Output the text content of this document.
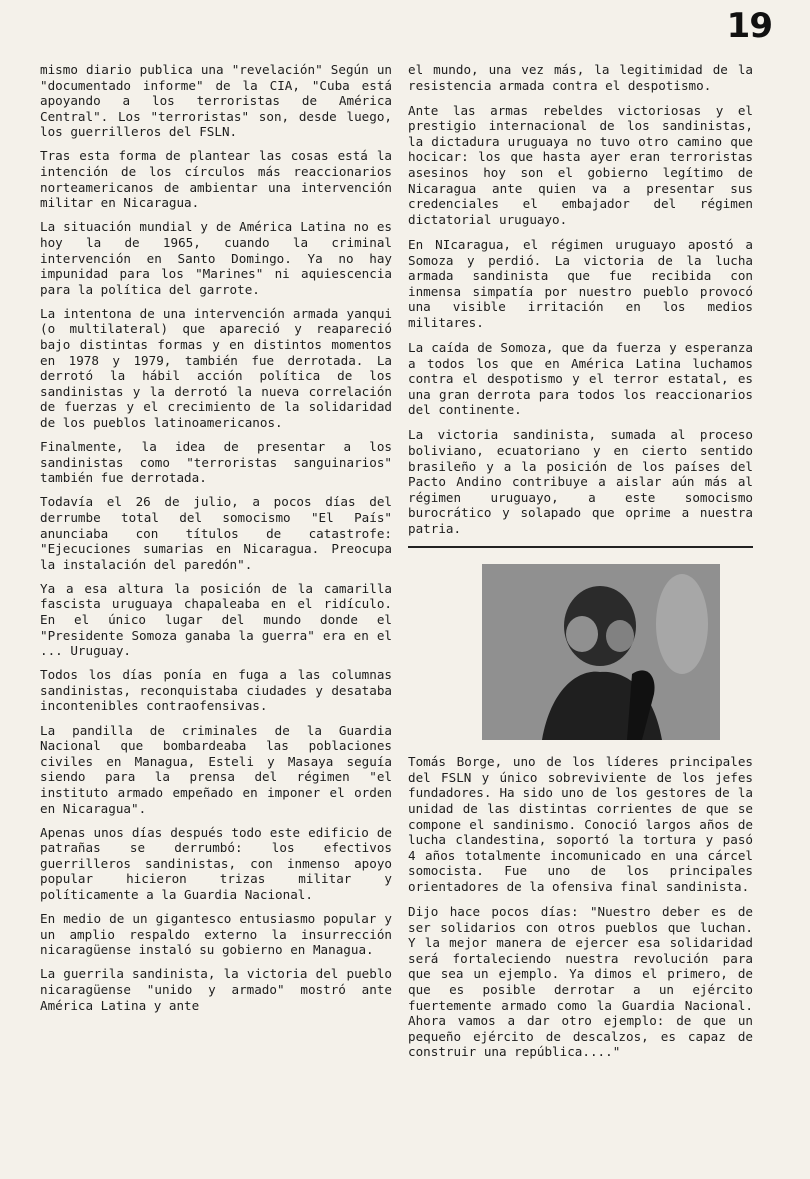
19

mismo diario publica una "revelación" Según un "documentado informe" de la CIA, "Cuba está apoyando a los terroristas de América Central". Los "terroristas" son, desde luego, los guerrilleros del FSLN.

Tras esta forma de plantear las cosas está la intención de los círculos más reaccionarios norteamericanos de ambientar una intervención militar en Nicaragua.

La situación mundial y de América Latina no es hoy la de 1965, cuando la criminal intervención en Santo Domingo. Ya no hay impunidad para los "Marines" ni aquiescencia para la política del garrote.

La intentona de una intervención armada yanqui (o multilateral) que apareció y reapareció bajo distintas formas y en distintos momentos en 1978 y 1979, también fue derrotada. La derrotó la hábil acción política de los sandinistas y la derrotó la nueva correlación de fuerzas y el crecimiento de la solidaridad de los pueblos latinoamericanos.

Finalmente, la idea de presentar a los sandinistas como "terroristas sanguinarios" también fue derrotada.

Todavía el 26 de julio, a pocos días del derrumbe total del somocismo "El País" anunciaba con títulos de catastrofe: "Ejecuciones sumarias en Nicaragua. Preocupa la instalación del paredón".

Ya a esa altura la posición de la camarilla fascista uruguaya chapaleaba en el ridículo. En el único lugar del mundo donde el "Presidente Somoza ganaba la guerra" era en el ... Uruguay.

Todos los días ponía en fuga a las columnas sandinistas, reconquistaba ciudades y desataba incontenibles contraofensivas.

La pandilla de criminales de la Guardia Nacional que bombardeaba las poblaciones civiles en Managua, Esteli y Masaya seguía siendo para la prensa del régimen "el instituto armado empeñado en imponer el orden en Nicaragua".

Apenas unos días después todo este edificio de patrañas se derrumbó: los efectivos guerrilleros sandinistas, con inmenso apoyo popular hicieron trizas militar y políticamente a la Guardia Nacional.

En medio de un gigantesco entusiasmo popular y un amplio respaldo externo la insurrección nicaragüense instaló su gobierno en Managua.

La guerrila sandinista, la victoria del pueblo nicaragüense "unido y armado" mostró ante América Latina y ante

el mundo, una vez más, la legitimidad de la resistencia armada contra el despotismo.

Ante las armas rebeldes victoriosas y el prestigio internacional de los sandinistas, la dictadura uruguaya no tuvo otro camino que hocicar: los que hasta ayer eran terroristas asesinos hoy son el gobierno legítimo de Nicaragua ante quien va a presentar sus credenciales el embajador del régimen dictatorial uruguayo.

En NIcaragua, el régimen uruguayo apostó a Somoza y perdió. La victoria de la lucha armada sandinista que fue recibida con inmensa simpatía por nuestro pueblo provocó una visible irritación en los medios militares.

La caída de Somoza, que da fuerza y esperanza a todos los que en América Latina luchamos contra el despotismo y el terror estatal, es una gran derrota para todos los reaccionarios del continente.

La victoria sandinista, sumada al proceso boliviano, ecuatoriano y en cierto sentido brasileño y a la posición de los países del Pacto Andino contribuye a aislar aún más al régimen uruguayo, a este somocismo burocrático y solapado que oprime a nuestra patria.

Tomás Borge, uno de los líderes principales del FSLN y único sobreviviente de los jefes fundadores. Ha sido uno de los gestores de la unidad de las distintas corrientes de que se compone el sandinismo. Conoció largos años de lucha clandestina, soportó la tortura y pasó 4 años totalmente incomunicado en una cárcel somocista. Fue uno de los principales orientadores de la ofensiva final sandinista.

Dijo hace pocos días: "Nuestro deber es de ser solidarios con otros pueblos que luchan. Y la mejor manera de ejercer esa solidaridad será fortaleciendo nuestra revolución para que sea un ejemplo. Ya dimos el primero, de que es posible derrotar a un ejército fuertemente armado como la Guardia Nacional. Ahora vamos a dar otro ejemplo: de que un pequeño ejército de descalzos, es capaz de construir una república...."
